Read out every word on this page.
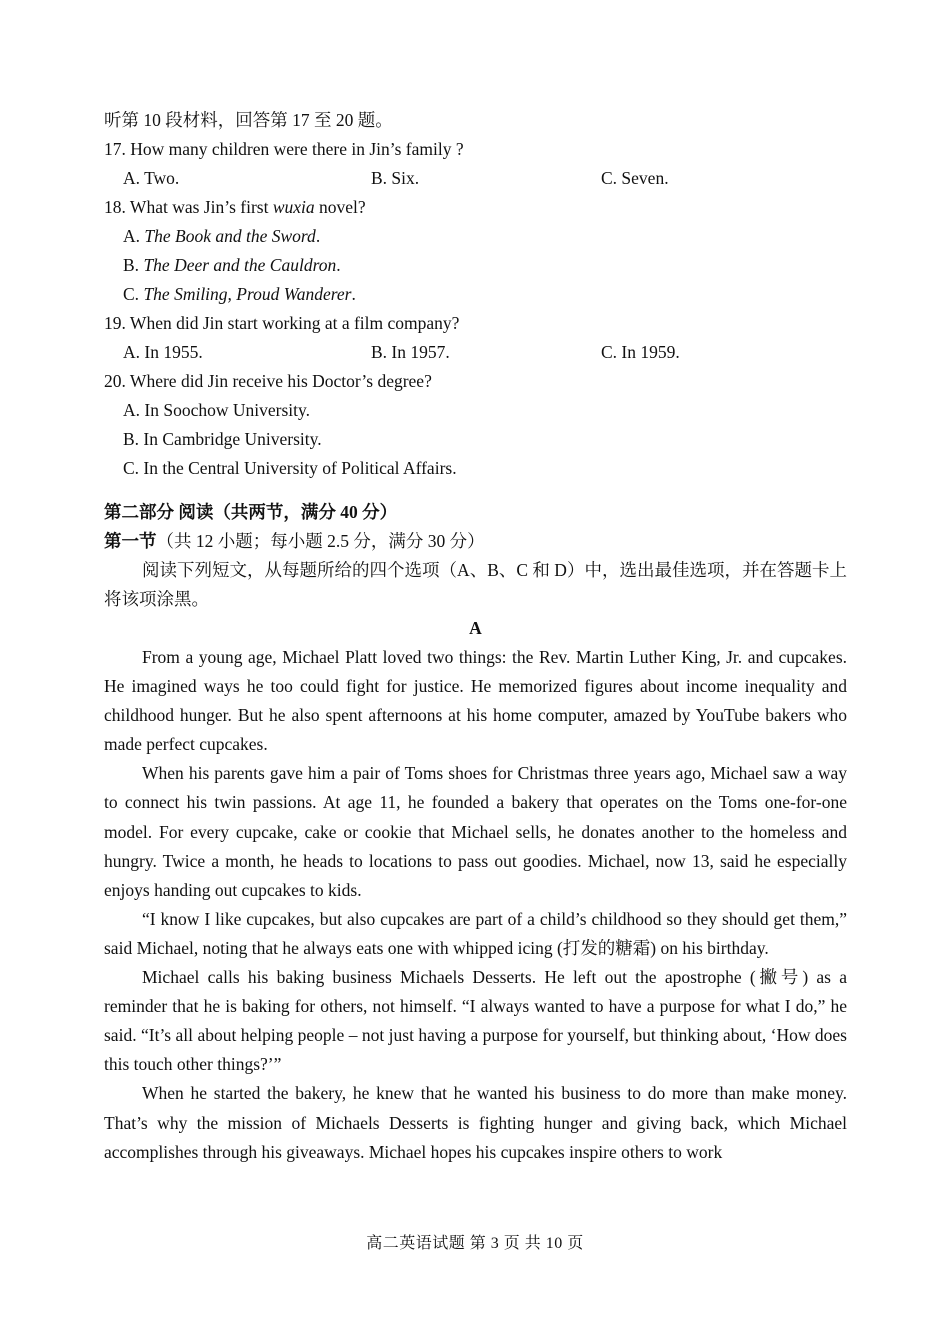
听第 10 段材料，回答第 17 至 20 题。
17. How many children were there in Jin’s family ?
A. Two.	B. Six.	C. Seven.
18. What was Jin’s first wuxia novel?
A. The Book and the Sword.
B. The Deer and the Cauldron.
C. The Smiling, Proud Wanderer.
19. When did Jin start working at a film company?
A. In 1955.	B. In 1957.	C. In 1959.
20. Where did Jin receive his Doctor’s degree?
A. In Soochow University.
B. In Cambridge University.
C. In the Central University of Political Affairs.
第二部分 阅读（共两节，满分 40 分）
第一节（共 12 小题；每小题 2.5 分，满分 30 分）

阅读下列短文，从每题所给的四个选项（A、B、C 和 D）中，选出最佳选项，并在答题卡上将该项涂黑。

A

From a young age, Michael Platt loved two things: the Rev. Martin Luther King, Jr. and cupcakes. He imagined ways he too could fight for justice. He memorized figures about income inequality and childhood hunger. But he also spent afternoons at his home computer, amazed by YouTube bakers who made perfect cupcakes.

When his parents gave him a pair of Toms shoes for Christmas three years ago, Michael saw a way to connect his twin passions. At age 11, he founded a bakery that operates on the Toms one-for-one model. For every cupcake, cake or cookie that Michael sells, he donates another to the homeless and hungry. Twice a month, he heads to locations to pass out goodies. Michael, now 13, said he especially enjoys handing out cupcakes to kids.

“I know I like cupcakes, but also cupcakes are part of a child’s childhood so they should get them,” said Michael, noting that he always eats one with whipped icing (打发的糖霜) on his birthday.

Michael calls his baking business Michaels Desserts. He left out the apostrophe (撇号) as a reminder that he is baking for others, not himself. “I always wanted to have a purpose for what I do,” he said. “It’s all about helping people – not just having a purpose for yourself, but thinking about, ‘How does this touch other things?’”

When he started the bakery, he knew that he wanted his business to do more than make money. That’s why the mission of Michaels Desserts is fighting hunger and giving back, which Michael accomplishes through his giveaways. Michael hopes his cupcakes inspire others to work

高二英语试题 第 3 页 共 10 页
